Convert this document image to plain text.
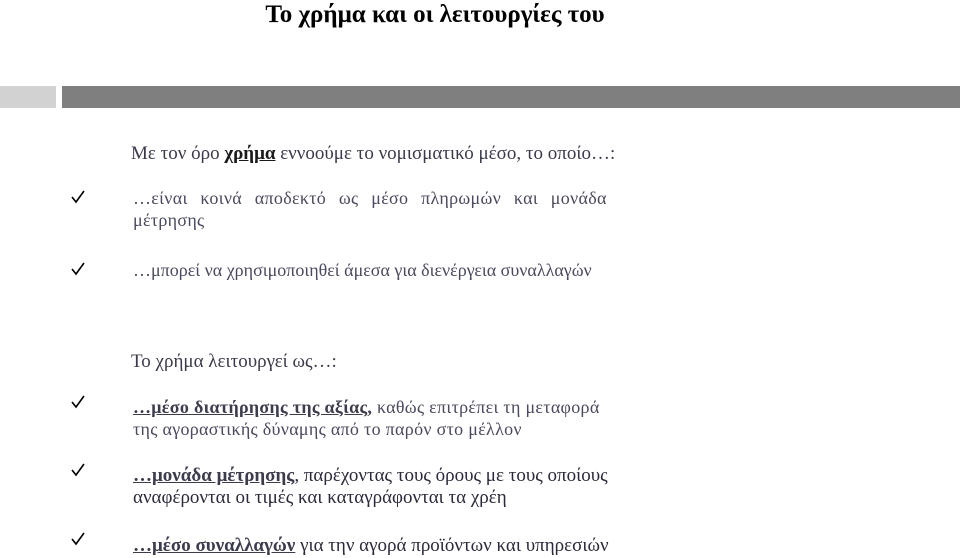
Το χρήμα και οι λειτουργίες του
Με τον όρο χρήμα εννοούμε το νομισματικό μέσο, το οποίο…:
…είναι κοινά αποδεκτό ως μέσο πληρωμών και μονάδα
μέτρησης
…μπορεί να χρησιμοποιηθεί άμεσα για διενέργεια συναλλαγών
Το χρήμα λειτουργεί ως…:
…μέσο διατήρησης της αξίας, καθώς επιτρέπει τη μεταφορά
της αγοραστικής δύναμης από το παρόν στο μέλλον
…μονάδα μέτρησης, παρέχοντας τους όρους με τους οποίους
αναφέρονται οι τιμές και καταγράφονται τα χρέη
…μέσο συναλλαγών για την αγορά προϊόντων και υπηρεσιών
